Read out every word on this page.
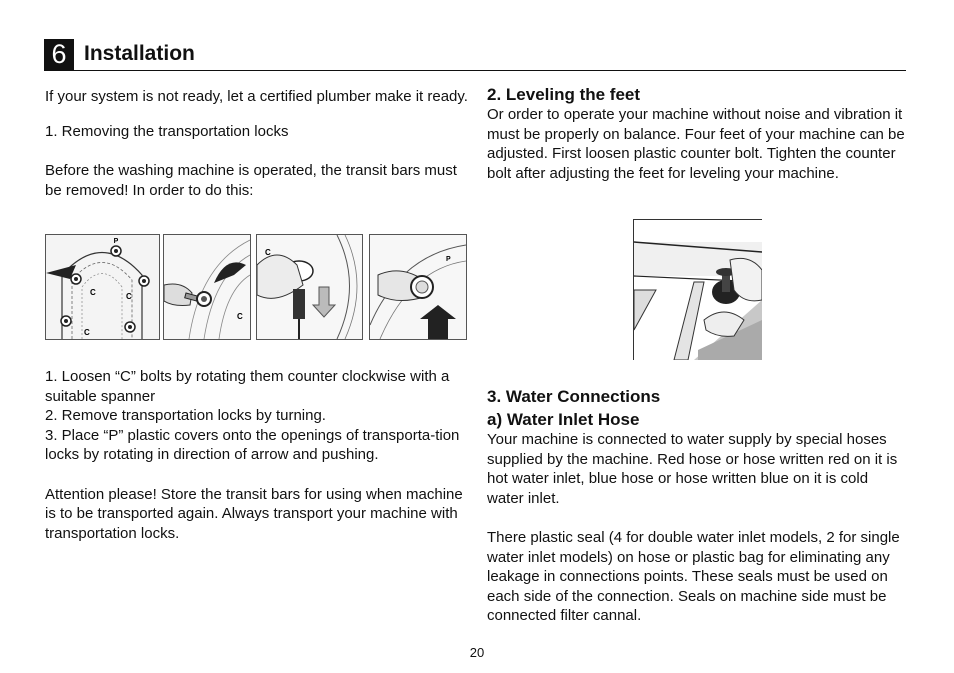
6 Installation

If your system is not ready, let a certified plumber make it ready.

1. Removing the transportation locks

Before the washing machine is operated, the transit bars must be removed! In order to do this:

P
C	C
C
C
C
P

1. Loosen “C” bolts by rotating them counter clockwise with a suitable spanner

2. Remove transportation locks by turning.

3. Place “P” plastic covers onto the openings of transporta-tion locks by rotating in direction of arrow and pushing.

Attention please! Store the transit bars for using when machine is to be transported again. Always transport your machine with transportation locks.

2. Leveling the feet

Or order to operate your machine without noise and vibration it must be properly on balance. Four feet of your machine can be adjusted. First loosen plastic counter bolt. Tighten the counter bolt after adjusting the feet for leveling your machine.

3. Water Connections
a) Water Inlet Hose

Your machine is connected to water supply by special hoses supplied by the machine. Red hose or hose written red on it is hot water inlet, blue hose or hose written blue on it is cold water inlet.

There plastic seal (4 for double water inlet models, 2 for single water inlet models) on hose or plastic bag for eliminating any leakage in connections points. These seals must be used on each side of the connection. Seals on machine side must be connected filter cannal.

20
